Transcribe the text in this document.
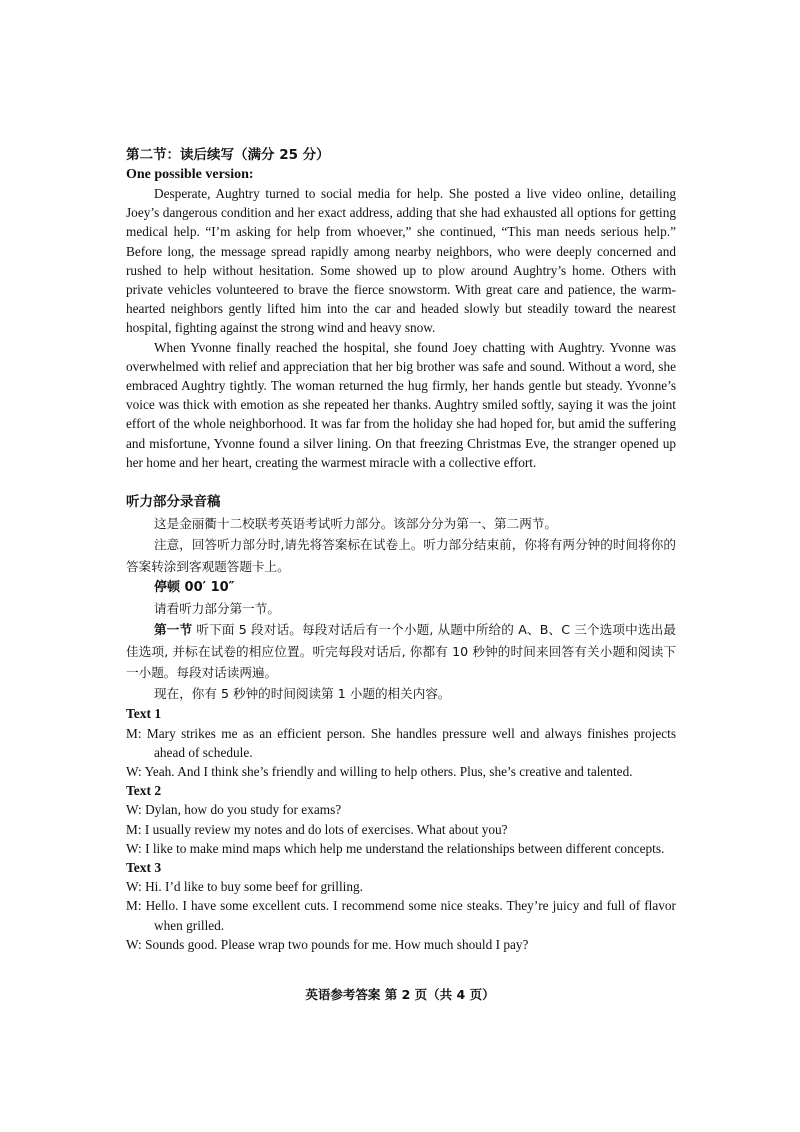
第二节：读后续写（满分 25 分）

One possible version:

Desperate, Aughtry turned to social media for help. She posted a live video online, detailing Joey’s dangerous condition and her exact address, adding that she had exhausted all options for getting medical help. “I’m asking for help from whoever,” she continued, “This man needs serious help.” Before long, the message spread rapidly among nearby neighbors, who were deeply concerned and rushed to help without hesitation. Some showed up to plow around Aughtry’s home. Others with private vehicles volunteered to brave the fierce snowstorm. With great care and patience, the warm-hearted neighbors gently lifted him into the car and headed slowly but steadily toward the nearest hospital, fighting against the strong wind and heavy snow.

When Yvonne finally reached the hospital, she found Joey chatting with Aughtry. Yvonne was overwhelmed with relief and appreciation that her big brother was safe and sound. Without a word, she embraced Aughtry tightly. The woman returned the hug firmly, her hands gentle but steady. Yvonne’s voice was thick with emotion as she repeated her thanks. Aughtry smiled softly, saying it was the joint effort of the whole neighborhood. It was far from the holiday she had hoped for, but amid the suffering and misfortune, Yvonne found a silver lining. On that freezing Christmas Eve, the stranger opened up her home and her heart, creating the warmest miracle with a collective effort.

听力部分录音稿

这是金丽衢十二校联考英语考试听力部分。该部分分为第一、第二两节。

注意，回答听力部分时,请先将答案标在试卷上。听力部分结束前，你将有两分钟的时间将你的答案转涂到客观题答题卡上。

停顿 00′ 10″

请看听力部分第一节。

第一节 听下面 5 段对话。每段对话后有一个小题, 从题中所给的 A、B、C 三个选项中选出最佳选项, 并标在试卷的相应位置。听完每段对话后, 你都有 10 秒钟的时间来回答有关小题和阅读下一小题。每段对话读两遍。

现在，你有 5 秒钟的时间阅读第 1 小题的相关内容。

Text 1

M: Mary strikes me as an efficient person. She handles pressure well and always finishes projects ahead of schedule.

W: Yeah. And I think she’s friendly and willing to help others. Plus, she’s creative and talented.

Text 2

W: Dylan, how do you study for exams?

M: I usually review my notes and do lots of exercises. What about you?

W: I like to make mind maps which help me understand the relationships between different concepts.

Text 3

W: Hi. I’d like to buy some beef for grilling.

M: Hello. I have some excellent cuts. I recommend some nice steaks. They’re juicy and full of flavor when grilled.

W: Sounds good. Please wrap two pounds for me. How much should I pay?

英语参考答案 第 2 页（共 4 页）
